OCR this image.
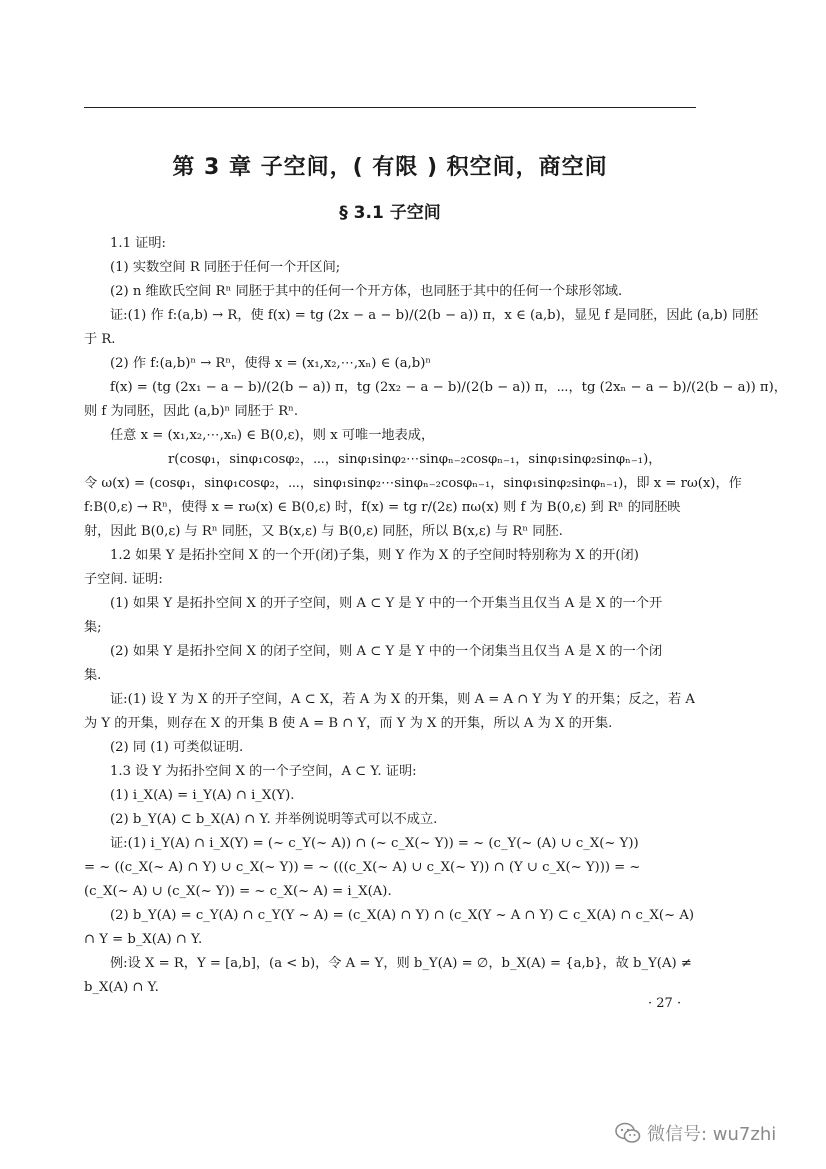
第 3 章 子空间，( 有限 ) 积空间，商空间
§ 3.1 子空间

1.1 证明:

(1) 实数空间 R 同胚于任何一个开区间;

(2) n 维欧氏空间 Rⁿ 同胚于其中的任何一个开方体，也同胚于其中的任何一个球形邻域.

证:(1) 作 f:(a,b) → R，使 f(x) = tg (2x − a − b)/(2(b − a)) π，x ∈ (a,b)，显见 f 是同胚，因此 (a,b) 同胚

于 R.

(2) 作 f:(a,b)ⁿ → Rⁿ，使得 x = (x₁,x₂,⋯,xₙ) ∈ (a,b)ⁿ

f(x) = (tg (2x₁ − a − b)/(2(b − a)) π，tg (2x₂ − a − b)/(2(b − a)) π，⋯，tg (2xₙ − a − b)/(2(b − a)) π)，

则 f 为同胚，因此 (a,b)ⁿ 同胚于 Rⁿ.

任意 x = (x₁,x₂,⋯,xₙ) ∈ B(0,ε)，则 x 可唯一地表成，

r(cosφ₁，sinφ₁cosφ₂，⋯，sinφ₁sinφ₂⋯sinφₙ₋₂cosφₙ₋₁，sinφ₁sinφ₂sinφₙ₋₁)，

令 ω(x) = (cosφ₁，sinφ₁cosφ₂，⋯，sinφ₁sinφ₂⋯sinφₙ₋₂cosφₙ₋₁，sinφ₁sinφ₂sinφₙ₋₁)，即 x = rω(x)，作

f:B(0,ε) → Rⁿ，使得 x = rω(x) ∈ B(0,ε) 时，f(x) = tg r/(2ε) πω(x) 则 f 为 B(0,ε) 到 Rⁿ 的同胚映

射，因此 B(0,ε) 与 Rⁿ 同胚，又 B(x,ε) 与 B(0,ε) 同胚，所以 B(x,ε) 与 Rⁿ 同胚.

1.2 如果 Y 是拓扑空间 X 的一个开(闭)子集，则 Y 作为 X 的子空间时特别称为 X 的开(闭)

子空间. 证明:

(1) 如果 Y 是拓扑空间 X 的开子空间，则 A ⊂ Y 是 Y 中的一个开集当且仅当 A 是 X 的一个开

集;

(2) 如果 Y 是拓扑空间 X 的闭子空间，则 A ⊂ Y 是 Y 中的一个闭集当且仅当 A 是 X 的一个闭

集.

证:(1) 设 Y 为 X 的开子空间，A ⊂ X，若 A 为 X 的开集，则 A = A ∩ Y 为 Y 的开集；反之，若 A

为 Y 的开集，则存在 X 的开集 B 使 A = B ∩ Y，而 Y 为 X 的开集，所以 A 为 X 的开集.

(2) 同 (1) 可类似证明.

1.3 设 Y 为拓扑空间 X 的一个子空间，A ⊂ Y. 证明:

(1) i_X(A) = i_Y(A) ∩ i_X(Y).

(2) b_Y(A) ⊂ b_X(A) ∩ Y. 并举例说明等式可以不成立.

证:(1) i_Y(A) ∩ i_X(Y) = (~ c_Y(~ A)) ∩ (~ c_X(~ Y)) = ~ (c_Y(~ (A) ∪ c_X(~ Y))

= ~ ((c_X(~ A) ∩ Y) ∪ c_X(~ Y)) = ~ (((c_X(~ A) ∪ c_X(~ Y)) ∩ (Y ∪ c_X(~ Y))) = ~

(c_X(~ A) ∪ (c_X(~ Y)) = ~ c_X(~ A) = i_X(A).

(2) b_Y(A) = c_Y(A) ∩ c_Y(Y ~ A) = (c_X(A) ∩ Y) ∩ (c_X(Y ~ A ∩ Y) ⊂ c_X(A) ∩ c_X(~ A)

∩ Y = b_X(A) ∩ Y.

例:设 X = R，Y = [a,b]，(a < b)，令 A = Y，则 b_Y(A) = ∅，b_X(A) = {a,b}，故 b_Y(A) ≠

b_X(A) ∩ Y.

· 27 ·
微信号: wu7zhi
